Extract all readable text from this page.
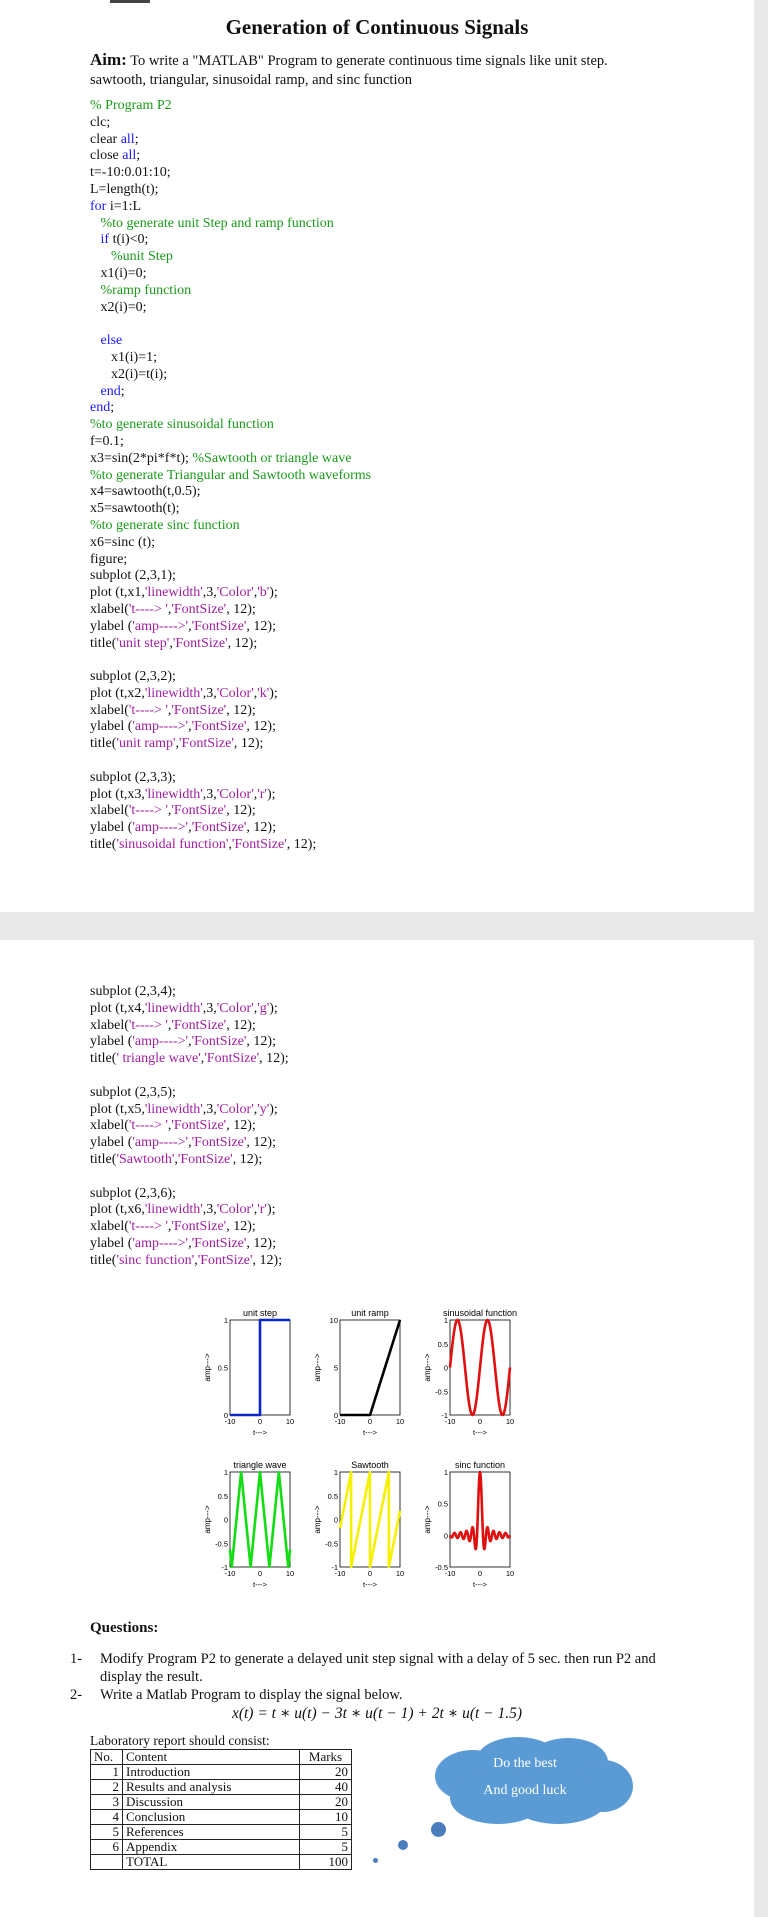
Generation of Continuous Signals
Aim: To write a "MATLAB" Program to generate continuous time signals like unit step.
sawtooth, triangular, sinusoidal ramp, and sinc function
% Program P2
clc;
clear all;
close all;
t=-10:0.01:10;
L=length(t);
for i=1:L
%to generate unit Step and ramp function
if t(i)<0;
%unit Step
x1(i)=0;
%ramp function
x2(i)=0;
else
x1(i)=1;
x2(i)=t(i);
end;
end;
%to generate sinusoidal function
f=0.1;
x3=sin(2*pi*f*t); %Sawtooth or triangle wave
%to generate Triangular and Sawtooth waveforms
x4=sawtooth(t,0.5);
x5=sawtooth(t);
%to generate sinc function
x6=sinc (t);
figure;
subplot (2,3,1);
plot (t,x1,'linewidth',3,'Color','b');
xlabel('t----> ','FontSize', 12);
ylabel ('amp---->','FontSize', 12);
title('unit step','FontSize', 12);
subplot (2,3,2);
plot (t,x2,'linewidth',3,'Color','k');
xlabel('t----> ','FontSize', 12);
ylabel ('amp---->','FontSize', 12);
title('unit ramp','FontSize', 12);
subplot (2,3,3);
plot (t,x3,'linewidth',3,'Color','r');
xlabel('t----> ','FontSize', 12);
ylabel ('amp---->','FontSize', 12);
title('sinusoidal function','FontSize', 12);
subplot (2,3,4);
plot (t,x4,'linewidth',3,'Color','g');
xlabel('t----> ','FontSize', 12);
ylabel ('amp---->','FontSize', 12);
title(' triangle wave','FontSize', 12);
subplot (2,3,5);
plot (t,x5,'linewidth',3,'Color','y');
xlabel('t----> ','FontSize', 12);
ylabel ('amp---->','FontSize', 12);
title('Sawtooth','FontSize', 12);
subplot (2,3,6);
plot (t,x6,'linewidth',3,'Color','r');
xlabel('t----> ','FontSize', 12);
ylabel ('amp---->','FontSize', 12);
title('sinc function','FontSize', 12);
unit step
-10	0	10
0
0.5
1
t--->
amp--->
unit ramp
-10	0	10
0
5
10
t--->
amp--->
sinusoidal function
-10	0	10
-1
-0.5
0
0.5
1
t--->
amp--->
triangle wave
-10	0	10
-1
-0.5
0
0.5
1
t--->
amp--->
Sawtooth
-10	0	10
-1
-0.5
0
0.5
1
t--->
amp--->
sinc function
-10	0	10
-0.5
0
0.5
1
t--->
amp--->
Questions:
1- Modify Program P2 to generate a delayed unit step signal with a delay of 5 sec. then run P2 and display the result.
2- Write a Matlab Program to display the signal below.
x(t) = t ∗ u(t) − 3t ∗ u(t − 1) + 2t ∗ u(t − 1.5)
Laboratory report should consist:
No.	Content	Marks
1	Introduction	20
2	Results and analysis	40
3	Discussion	20
4	Conclusion	10
5	References	5
6	Appendix	5
	TOTAL	100
Do the best
And good luck
